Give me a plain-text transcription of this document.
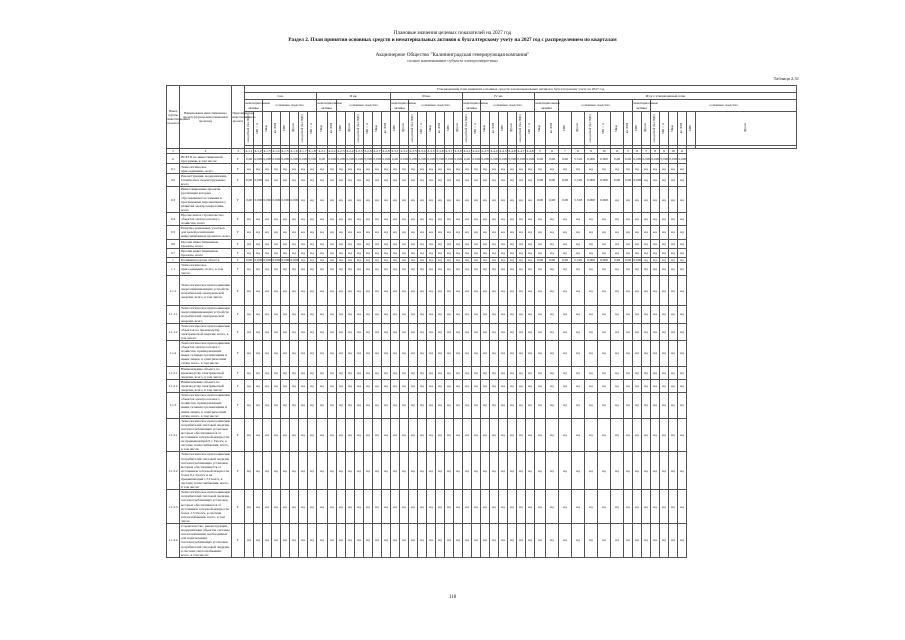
Плановые значения целевых показателей на 2027 год
Раздел 2. План принятия основных средств и нематериальных активов к бухгалтерскому учету на 2027 год с распределением по кварталам
Акционерное Общество "Калининградская генерирующая компания"
полное наименование субъекта электроэнергетики
Таблица 2.31
Номер группы инвестиционных проектов	Наименование инвестиционного проекта (группы инвестиционных проектов)	Идентификатор инвестиционного проекта	Утвержденный план принятия основных средств и нематериальных активов к бухгалтерскому учету на 2027 год																																															
			I кв.								II кв.								III кв.								IV кв.								Итого утвержденный план															
			нематериальные активы		основные средства						нематериальные активы		основные средства						нематериальные активы		основные средства						нематериальные активы		основные средства						нематериальные активы		основные средства						нематериальные активы		основные средства					
			млн рублей (без НДС)	МВ×А	Мвар	км ЛЭП	МВт	Другое	млн рублей (без НДС)	МВ×А	Мвар	км ЛЭП	МВт	Другое	млн рублей (без НДС)	МВ×А	Мвар	км ЛЭП	МВт	Другое	млн рублей (без НДС)	МВ×А	Мвар	км ЛЭП	МВт	Другое	млн рублей (без НДС)	МВ×А	Мвар	км ЛЭП	МВт	Другое	млн рублей (без НДС)	МВ×А	Мвар	км ЛЭП	МВт	Другое	млн рублей (без НДС)	МВ×А	Мвар	км ЛЭП	МВт	Другое	млн рублей (без НДС)	МВ×А	Мвар	км ЛЭП	МВт	Другое

1	2	3	4.1.1	4.1.2	4.1.3	4.1.4	4.1.5	4.1.6	4.1.7	4.1.8	4.2.1	4.2.2	4.2.3	4.2.4	4.2.5	4.2.6	4.2.7	4.2.8	4.3.1	4.3.2	4.3.3	4.3.4	4.3.5	4.3.6	4.3.7	4.3.8	4.4.1	4.4.2	4.4.3	4.4.4	4.4.5	4.4.6	4.4.7	4.4.8	5	6	7	8	9	10	11	5	6	7	8	9	10	11		
0	ВСЕГО по инвестиционной программе, в том числе:	Г	0,00	0,000	0,000	0,000	0,000	0,000	0,000	0,000	0,00	0,000	0,000	0,000	0,000	0,000	0,000	0,000	0,00	0,000	0,000	0,000	0,000	0,000	0,000	0,000	0,00	0,000	0,000	0,000	0,000	0,000	0,000	0,000	0,00	0,00	0,00	5,518	0,000	0,000	0,00	0,00	0,000	0,000	0,000	0,000	0,000	0,000		
0.1	Технологическое присоединение, всего	Г	нд	нд	нд	нд	нд	нд	нд	нд	нд	нд	нд	нд	нд	нд	нд	нд	нд	нд	нд	нд	нд	нд	нд	нд	нд	нд	нд	нд	нд	нд	нд	нд	нд	нд	нд	нд	нд	нд	нд	нд	нд	нд	нд	нд	нд	нд		
0.2	Реконструкция, модернизация, техническое перевооружение, всего	Г	0,00	0,000	нд	нд	нд	нд	нд	нд	нд	нд	нд	нд	нд	нд	нд	нд	нд	нд	нд	нд	нд	нд	нд	нд	нд	нд	нд	нд	нд	нд	нд	нд	0,00	0,00	0,00	5,518	0,000	0,000	0,00	0,00	0,000	нд	нд	нд	нд	нд		
0.3	Инвестиционные проекты, реализация которых обуславливается схемами и программами перспективного развития электроэнергетики, всего	Г	0,00	0,000	0,000	0,000	0,000	0,000	нд	нд	нд	нд	нд	нд	нд	нд	нд	нд	нд	нд	нд	нд	нд	нд	нд	нд	нд	нд	нд	нд	нд	нд	нд	нд	0,00	0,00	0,00	5,518	0,000	0,000	нд	нд	нд	нд	нд	нд	нд	нд		
0.4	Прочее новое строительство объектов электросетевого хозяйства, всего	Г	нд	нд	нд	нд	нд	нд	нд	нд	нд	нд	нд	нд	нд	нд	нд	нд	нд	нд	нд	нд	нд	нд	нд	нд	нд	нд	нд	нд	нд	нд	нд	нд	нд	нд	нд	нд	нд	нд	нд	нд	нд	нд	нд	нд	нд	нд		
0.5	Покупка земельных участков для целей реализации инвестиционных проектов, всего	Г	нд	нд	нд	нд	нд	нд	нд	нд	нд	нд	нд	нд	нд	нд	нд	нд	нд	нд	нд	нд	нд	нд	нд	нд	нд	нд	нд	нд	нд	нд	нд	нд	нд	нд	нд	нд	нд	нд	нд	нд	нд	нд	нд	нд	нд	нд		
0.6	Прочие инвестиционные проекты, всего	Г	нд	нд	нд	нд	нд	нд	нд	нд	нд	нд	нд	нд	нд	нд	нд	нд	нд	нд	нд	нд	нд	нд	нд	нд	нд	нд	нд	нд	нд	нд	нд	нд	нд	нд	нд	нд	нд	нд	нд	нд	нд	нд	нд	нд	нд	нд		
0.7	Прочие инвестиционные проекты, всего	Г	нд	нд	нд	нд	нд	нд	нд	нд	нд	нд	нд	нд	нд	нд	нд	нд	нд	нд	нд	нд	нд	нд	нд	нд	нд	нд	нд	нд	нд	нд	нд	нд	нд	нд	нд	нд	нд	нд	нд	нд	нд	нд	нд	нд	нд	нд		
1	Калининградская область	Г	0,00	0,000	0,000	0,000	0,000	0,000	нд	нд	нд	нд	нд	нд	нд	нд	нд	нд	нд	нд	нд	нд	нд	нд	нд	нд	нд	нд	нд	нд	нд	нд	нд	нд	0,00	0,00	0,00	5,518	0,000	0,000	0,00	0,00	0,000	нд	нд	нд	нд	нд		
1.1	Технологическое присоединение, всего, в том числе:	Г	нд	нд	нд	нд	нд	нд	нд	нд	нд	нд	нд	нд	нд	нд	нд	нд	нд	нд	нд	нд	нд	нд	нд	нд	нд	нд	нд	нд	нд	нд	нд	нд	нд	нд	нд	нд	нд	нд	нд	нд	нд	нд	нд	нд	нд	нд		
1.1.1	Технологическое присоединение энергопринимающих устройств потребителей электрической энергии, всего, в том числе:	Г	нд	нд	нд	нд	нд	нд	нд	нд	нд	нд	нд	нд	нд	нд	нд	нд	нд	нд	нд	нд	нд	нд	нд	нд	нд	нд	нд	нд	нд	нд	нд	нд	нд	нд	нд	нд	нд	нд	нд	нд	нд	нд	нд	нд	нд	нд		
1.1.1.1	Технологическое присоединение энергопринимающих устройств потребителей электрической энергии, всего	Г	нд	нд	нд	нд	нд	нд	нд	нд	нд	нд	нд	нд	нд	нд	нд	нд	нд	нд	нд	нд	нд	нд	нд	нд	нд	нд	нд	нд	нд	нд	нд	нд	нд	нд	нд	нд	нд	нд	нд	нд	нд	нд	нд	нд	нд	нд		
1.1.1.2	Технологическое присоединение объектов по производству электрической энергии, всего, в том числе:	Г	нд	нд	нд	нд	нд	нд	нд	нд	нд	нд	нд	нд	нд	нд	нд	нд	нд	нд	нд	нд	нд	нд	нд	нд	нд	нд	нд	нд	нд	нд	нд	нд	нд	нд	нд	нд	нд	нд	нд	нд	нд	нд	нд	нд	нд	нд		
1.1.2	Технологическое присоединение объектов электросетевого хозяйства, принадлежащих иным сетевым организациям и иным лицам, к электрическим сетям, всего, в том числе:	Г	нд	нд	нд	нд	нд	нд	нд	нд	нд	нд	нд	нд	нд	нд	нд	нд	нд	нд	нд	нд	нд	нд	нд	нд	нд	нд	нд	нд	нд	нд	нд	нд	нд	нд	нд	нд	нд	нд	нд	нд	нд	нд	нд	нд	нд	нд		
1.1.2.1	Наименование объекта по производству электрической энергии, всего, в том числе:	Г	нд	нд	нд	нд	нд	нд	нд	нд	нд	нд	нд	нд	нд	нд	нд	нд	нд	нд	нд	нд	нд	нд	нд	нд	нд	нд	нд	нд	нд	нд	нд	нд	нд	нд	нд	нд	нд	нд	нд	нд	нд	нд	нд	нд	нд	нд		
1.1.2.2	Наименование объекта по производству электрической энергии, всего, в том числе:	Г	нд	нд	нд	нд	нд	нд	нд	нд	нд	нд	нд	нд	нд	нд	нд	нд	нд	нд	нд	нд	нд	нд	нд	нд	нд	нд	нд	нд	нд	нд	нд	нд	нд	нд	нд	нд	нд	нд	нд	нд	нд	нд	нд	нд	нд	нд		
1.1.3	Технологическое присоединение объектов электросетевого хозяйства, принадлежащих иным сетевым организациям и иным лицам, к электрическим сетям, всего, в том числе:	Г	нд	нд	нд	нд	нд	нд	нд	нд	нд	нд	нд	нд	нд	нд	нд	нд	нд	нд	нд	нд	нд	нд	нд	нд	нд	нд	нд	нд	нд	нд	нд	нд	нд	нд	нд	нд	нд	нд	нд	нд	нд	нд	нд	нд	нд	нд		
1.1.3.1	Технологическое присоединение потребителей тепловой энергии, теплопотребляющих установок которых обеспечивается от источников тепловой мощности, не превышающей 0,1 Гкал/ч, к системе теплоснабжения, всего, в том числе:	Г	нд	нд	нд	нд	нд	нд	нд	нд	нд	нд	нд	нд	нд	нд	нд	нд	нд	нд	нд	нд	нд	нд	нд	нд	нд	нд	нд	нд	нд	нд	нд	нд	нд	нд	нд	нд	нд	нд	нд	нд	нд	нд	нд	нд	нд	нд		
1.1.3.2	Технологическое присоединение потребителей тепловой энергии, теплопотребляющих установок которых обеспечивается от источников тепловой мощности более 0,1 Гкал/ч и не превышающей 1,5 Гкал/ч, к системе теплоснабжения, всего, в том числе:	Г	нд	нд	нд	нд	нд	нд	нд	нд	нд	нд	нд	нд	нд	нд	нд	нд	нд	нд	нд	нд	нд	нд	нд	нд	нд	нд	нд	нд	нд	нд	нд	нд	нд	нд	нд	нд	нд	нд	нд	нд	нд	нд	нд	нд	нд	нд		
1.1.3.3	Технологическое присоединение потребителей тепловой энергии, теплопотребляющих установок которых обеспечивается от источников тепловой мощности более 1,5 Гкал/ч, к системе теплоснабжения, всего, в том числе:	Г	нд	нд	нд	нд	нд	нд	нд	нд	нд	нд	нд	нд	нд	нд	нд	нд	нд	нд	нд	нд	нд	нд	нд	нд	нд	нд	нд	нд	нд	нд	нд	нд	нд	нд	нд	нд	нд	нд	нд	нд	нд	нд	нд	нд	нд	нд		
1.1.3.4	Строительство, реконструкция, модернизация объектов системы теплоснабжения, необходимых для подключения теплопотребляющих установок потребителей тепловой энергии, к системе теплоснабжения, всего, в том числе:	Г	нд	нд	нд	нд	нд	нд	нд	нд	нд	нд	нд	нд	нд	нд	нд	нд	нд	нд	нд	нд	нд	нд	нд	нд	нд	нд	нд	нд	нд	нд	нд	нд	нд	нд	нд	нд	нд	нд	нд	нд	нд	нд	нд	нд	нд	нд		
118
